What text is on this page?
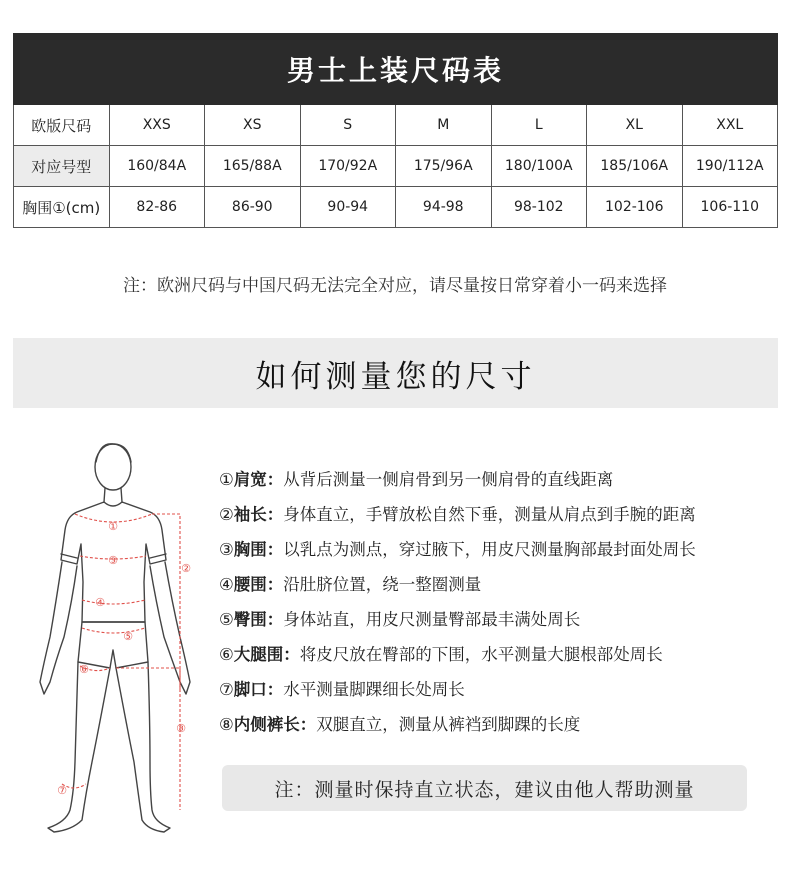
男士上装尺码表							
欧版尺码	XXS	XS	S	M	L	XL	XXL
对应号型	160/84A	165/88A	170/92A	175/96A	180/100A	185/106A	190/112A
胸围①(cm)	82-86	86-90	90-94	94-98	98-102	102-106	106-110
注：欧洲尺码与中国尺码无法完全对应，请尽量按日常穿着小一码来选择
如何测量您的尺寸
①
②
③
④
⑤
⑥
⑦
⑧
①肩宽：从背后测量一侧肩骨到另一侧肩骨的直线距离
②袖长：身体直立，手臂放松自然下垂，测量从肩点到手腕的距离
③胸围：以乳点为测点，穿过腋下，用皮尺测量胸部最封面处周长
④腰围：沿肚脐位置，绕一整圈测量
⑤臀围：身体站直，用皮尺测量臀部最丰满处周长
⑥大腿围：将皮尺放在臀部的下围，水平测量大腿根部处周长
⑦脚口：水平测量脚踝细长处周长
⑧内侧裤长：双腿直立，测量从裤裆到脚踝的长度
注：测量时保持直立状态，建议由他人帮助测量
